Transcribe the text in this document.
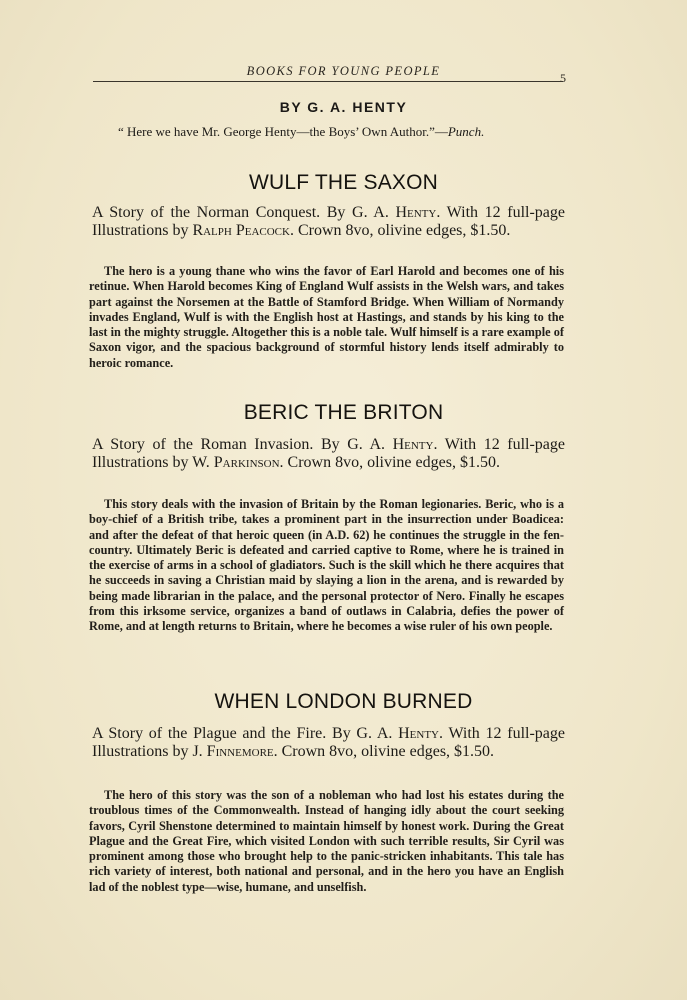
BOOKS FOR YOUNG PEOPLE	5
BY G. A. HENTY
“ Here we have Mr. George Henty—the Boys’ Own Author.”—Punch.
WULF THE SAXON
A Story of the Norman Conquest. By G. A. Henty. With 12 full-page Illustrations by Ralph Peacock. Crown 8vo, olivine edges, $1.50.
The hero is a young thane who wins the favor of Earl Harold and becomes one of his retinue. When Harold becomes King of England Wulf assists in the Welsh wars, and takes part against the Norsemen at the Battle of Stamford Bridge. When William of Normandy invades England, Wulf is with the English host at Hastings, and stands by his king to the last in the mighty struggle. Altogether this is a noble tale. Wulf himself is a rare example of Saxon vigor, and the spacious background of stormful history lends itself admirably to heroic romance.
BERIC THE BRITON
A Story of the Roman Invasion. By G. A. Henty. With 12 full-page Illustrations by W. Parkinson. Crown 8vo, olivine edges, $1.50.
This story deals with the invasion of Britain by the Roman legionaries. Beric, who is a boy-chief of a British tribe, takes a prominent part in the insurrection under Boadicea: and after the defeat of that heroic queen (in A.D. 62) he continues the struggle in the fen-country. Ultimately Beric is defeated and carried captive to Rome, where he is trained in the exercise of arms in a school of gladiators. Such is the skill which he there acquires that he succeeds in saving a Christian maid by slaying a lion in the arena, and is rewarded by being made librarian in the palace, and the personal protector of Nero. Finally he escapes from this irksome service, organizes a band of outlaws in Calabria, defies the power of Rome, and at length returns to Britain, where he becomes a wise ruler of his own people.
WHEN LONDON BURNED
A Story of the Plague and the Fire. By G. A. Henty. With 12 full-page Illustrations by J. Finnemore. Crown 8vo, olivine edges, $1.50.
The hero of this story was the son of a nobleman who had lost his estates during the troublous times of the Commonwealth. Instead of hanging idly about the court seeking favors, Cyril Shenstone determined to maintain himself by honest work. During the Great Plague and the Great Fire, which visited London with such terrible results, Sir Cyril was prominent among those who brought help to the panic-stricken inhabitants. This tale has rich variety of interest, both national and personal, and in the hero you have an English lad of the noblest type—wise, humane, and unselfish.
